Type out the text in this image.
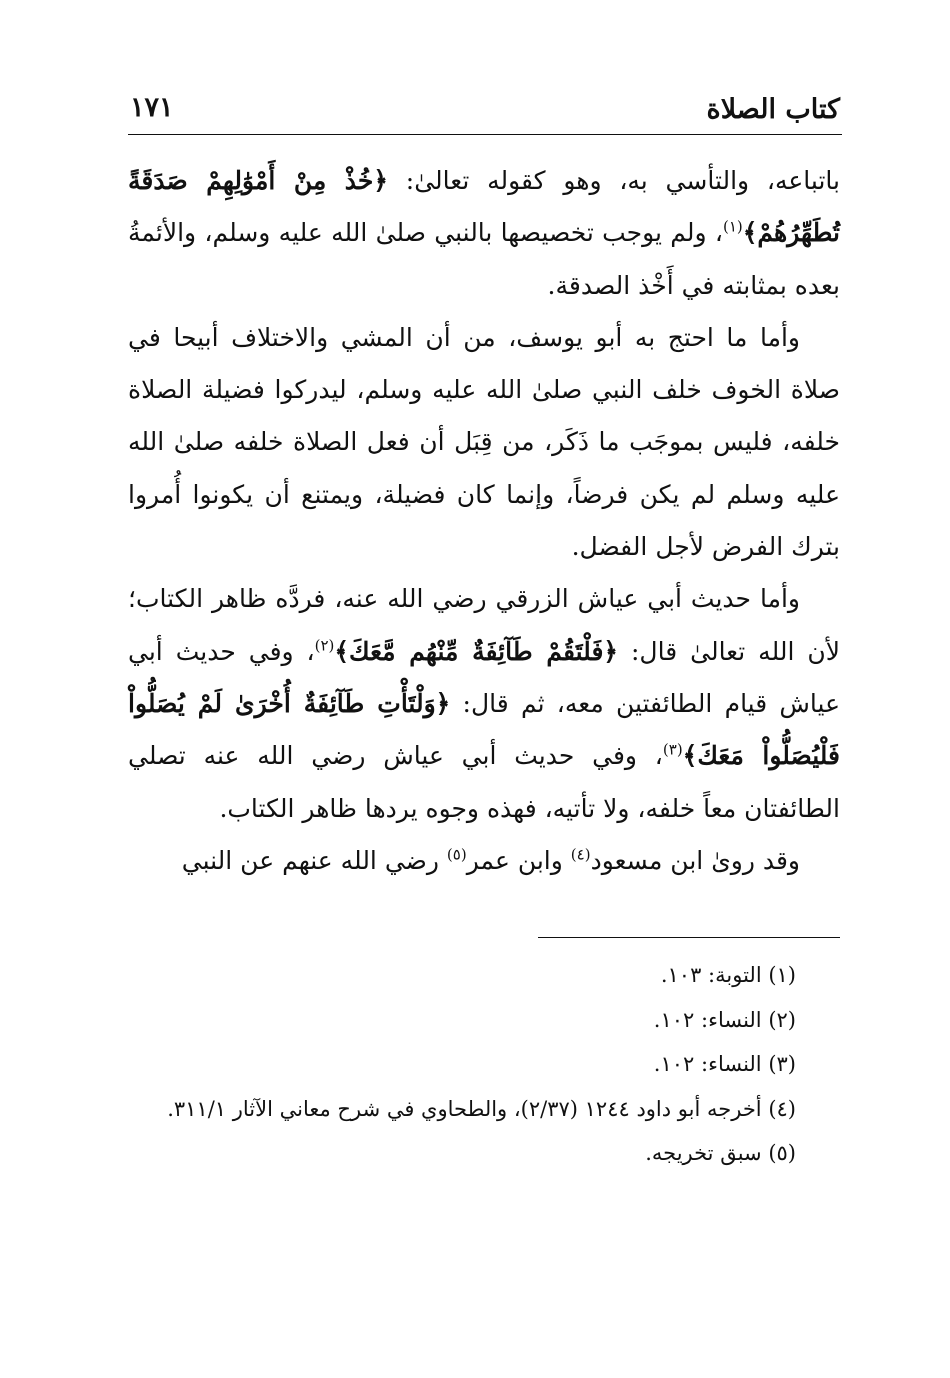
كتاب الصلاة
١٧١

باتباعه، والتأسي به، وهو كقوله تعالىٰ: ﴿خُذْ مِنْ أَمْوَٰلِهِمْ صَدَقَةً تُطَهِّرُهُمْ﴾$^{(١)}$، ولم يوجب تخصيصها بالنبي صلىٰ الله عليه وسلم، والأئمةُ بعده بمثابته في أَخْذ الصدقة.

وأما ما احتج به أبو يوسف، من أن المشي والاختلاف أبيحا في صلاة الخوف خلف النبي صلىٰ الله عليه وسلم، ليدركوا فضيلة الصلاة خلفه، فليس بموجَب ما ذَكَر، من قِبَل أن فعل الصلاة خلفه صلىٰ الله عليه وسلم لم يكن فرضاً، وإنما كان فضيلة، ويمتنع أن يكونوا أُمروا بترك الفرض لأجل الفضل.

وأما حديث أبي عياش الزرقي رضي الله عنه، فردَّه ظاهر الكتاب؛ لأن الله تعالىٰ قال: ﴿فَلْتَقُمْ طَآئِفَةٌ مِّنْهُم مَّعَكَ﴾$^{(٢)}$، وفي حديث أبي عياش قيام الطائفتين معه، ثم قال: ﴿وَلْتَأْتِ طَآئِفَةٌ أُخْرَىٰ لَمْ يُصَلُّواْ فَلْيُصَلُّواْ مَعَكَ﴾$^{(٣)}$، وفي حديث أبي عياش رضي الله عنه تصلي الطائفتان معاً خلفه، ولا تأتيه، فهذه وجوه يردها ظاهر الكتاب.

وقد روىٰ ابن مسعود$^{(٤)}$ وابن عمر$^{(٥)}$ رضي الله عنهم عن النبي

(١) التوبة: ١٠٣.

(٢) النساء: ١٠٢.

(٣) النساء: ١٠٢.

(٤) أخرجه أبو داود ١٢٤٤ (٢/٣٧)، والطحاوي في شرح معاني الآثار ٣١١/١.

(٥) سبق تخريجه.
